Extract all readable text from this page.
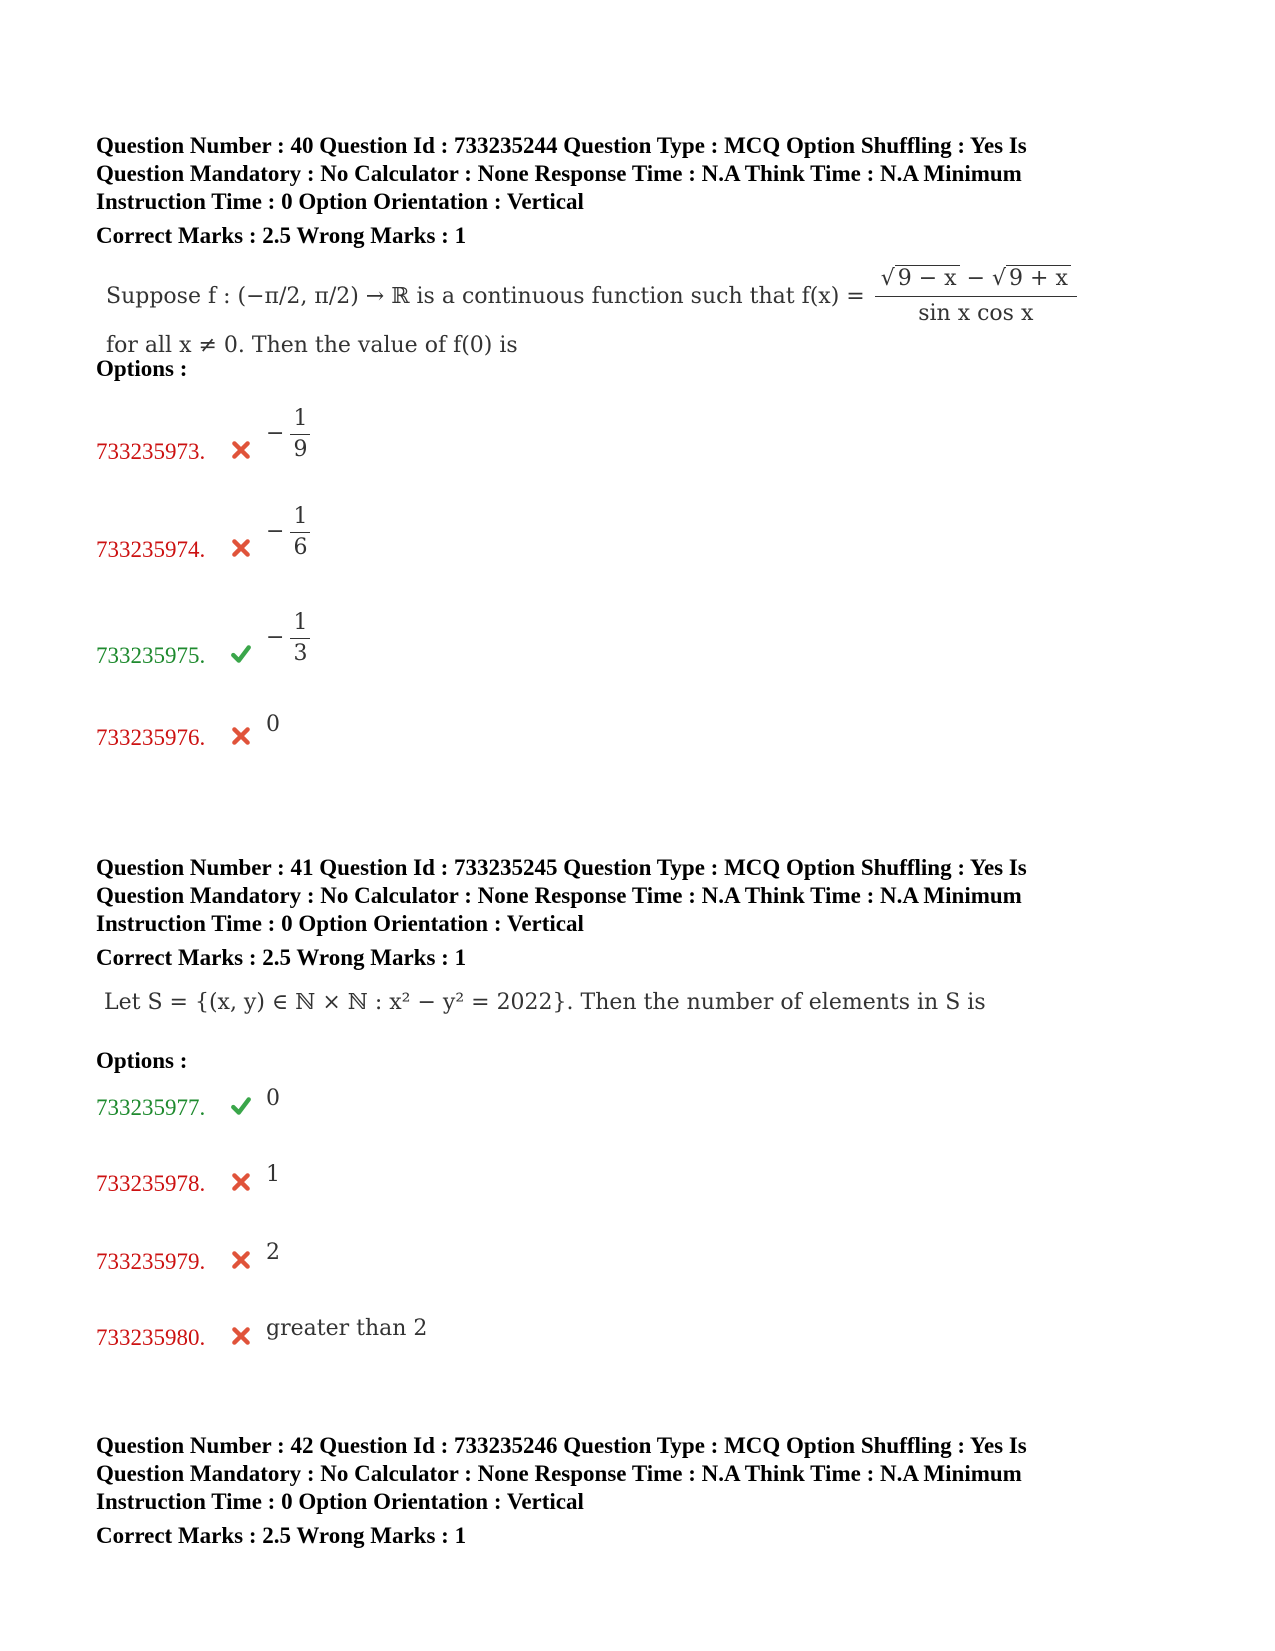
Question Number : 40 Question Id : 733235244 Question Type : MCQ Option Shuffling : Yes Is

Question Mandatory : No Calculator : None Response Time : N.A Think Time : N.A Minimum

Instruction Time : 0 Option Orientation : Vertical

Correct Marks : 2.5 Wrong Marks : 1
Suppose f : (−π/2, π/2) → ℝ is a continuous function such that $f(x) = \frac{√ 9 - x - √ 9 + x}{\text{sin x cos x}}$
for all x ≠ 0. Then the value of f(0) is
Options :
733235973.
− $\frac{1}{9}$
733235974.
− $\frac{1}{6}$
733235975.
− $\frac{1}{3}$
733235976.
0

Question Number : 41 Question Id : 733235245 Question Type : MCQ Option Shuffling : Yes Is

Question Mandatory : No Calculator : None Response Time : N.A Think Time : N.A Minimum

Instruction Time : 0 Option Orientation : Vertical

Correct Marks : 2.5 Wrong Marks : 1
Let S = {(x, y) ∈ ℕ × ℕ : x² − y² = 2022}. Then the number of elements in S is
Options :
733235977.	0
733235978.	1
733235979.	2
733235980.	greater than 2

Question Number : 42 Question Id : 733235246 Question Type : MCQ Option Shuffling : Yes Is

Question Mandatory : No Calculator : None Response Time : N.A Think Time : N.A Minimum

Instruction Time : 0 Option Orientation : Vertical

Correct Marks : 2.5 Wrong Marks : 1
